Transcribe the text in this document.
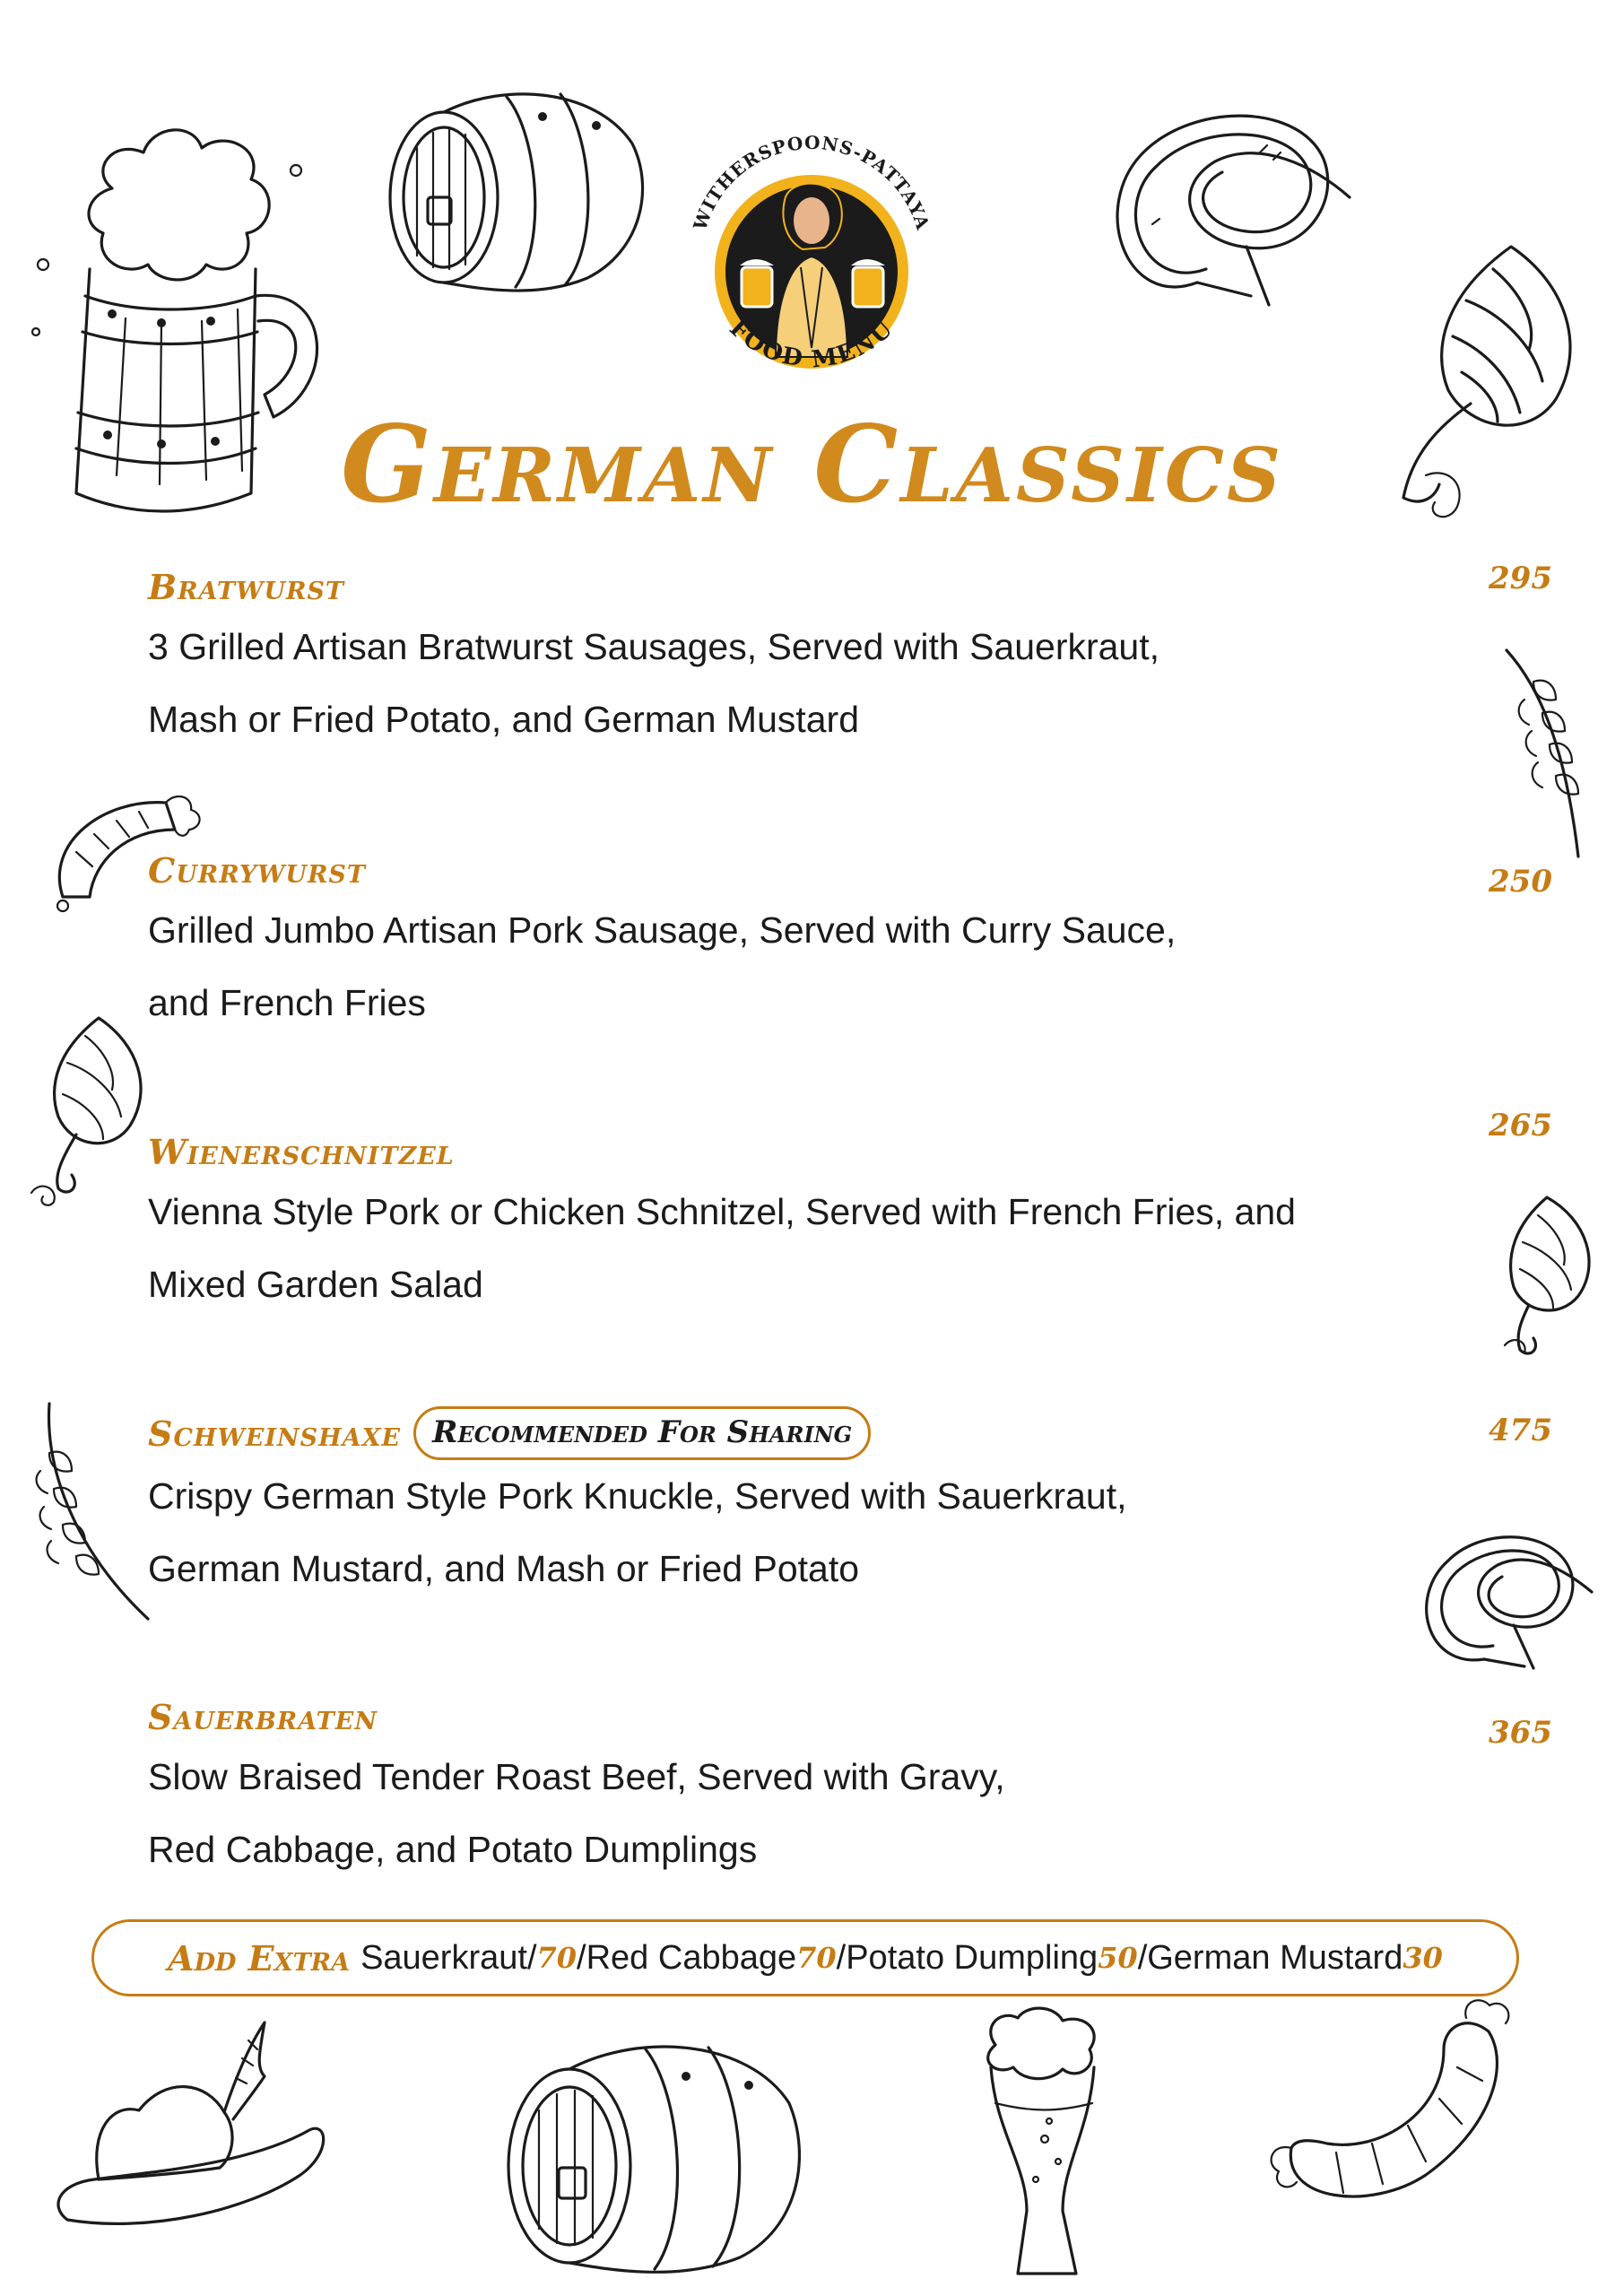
WITHERSPOONS-PATTAYA
FOOD MENU
German Classics
Bratwurst
3 Grilled Artisan Bratwurst Sausages, Served with Sauerkraut,
Mash or Fried Potato, and German Mustard
295
Currywurst
Grilled Jumbo Artisan Pork Sausage, Served with Curry Sauce,
and French Fries
250
Wienerschnitzel
Vienna Style Pork or Chicken Schnitzel, Served with French Fries, and
Mixed Garden Salad
265
Schweinshaxe	Recommended For Sharing
Crispy German Style Pork Knuckle, Served with Sauerkraut,
German Mustard, and Mash or Fried Potato
475
Sauerbraten
Slow Braised Tender Roast Beef, Served with Gravy,
Red Cabbage, and Potato Dumplings
365
Add Extra Sauerkraut/ 70 /Red Cabbage 70 /Potato Dumpling 50 /German Mustard 30
